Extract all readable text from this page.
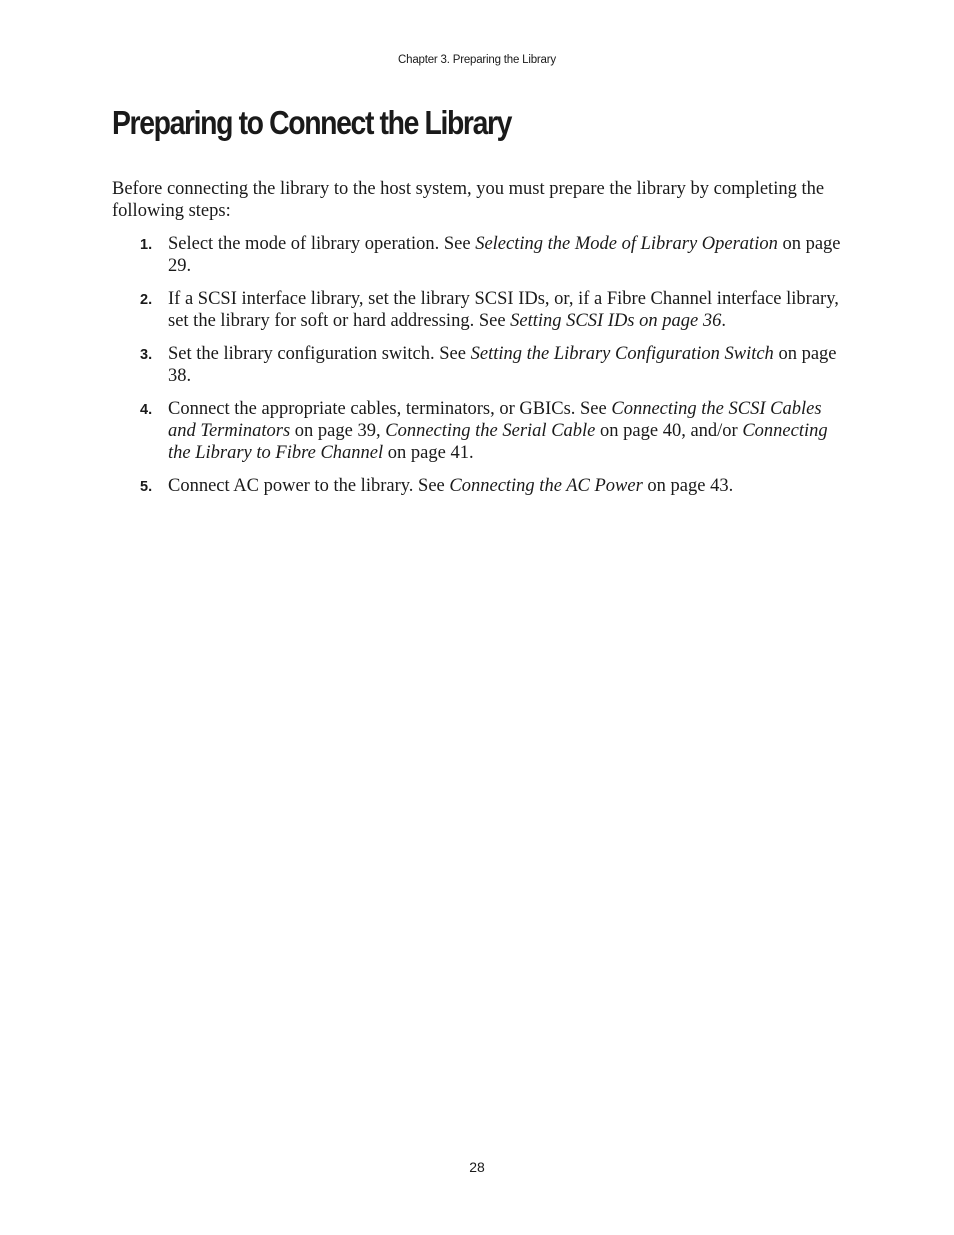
Chapter 3. Preparing the Library
Preparing to Connect the Library

Before connecting the library to the host system, you must prepare the library by completing the following steps:

1. Select the mode of library operation. See Selecting the Mode of Library Operation on page 29.
2. If a SCSI interface library, set the library SCSI IDs, or, if a Fibre Channel interface library, set the library for soft or hard addressing. See Setting SCSI IDs on page 36.
3. Set the library configuration switch. See Setting the Library Configuration Switch on page 38.
4. Connect the appropriate cables, terminators, or GBICs. See Connecting the SCSI Cables and Terminators on page 39, Connecting the Serial Cable on page 40, and/or Connecting the Library to Fibre Channel on page 41.
5. Connect AC power to the library. See Connecting the AC Power on page 43.
28
